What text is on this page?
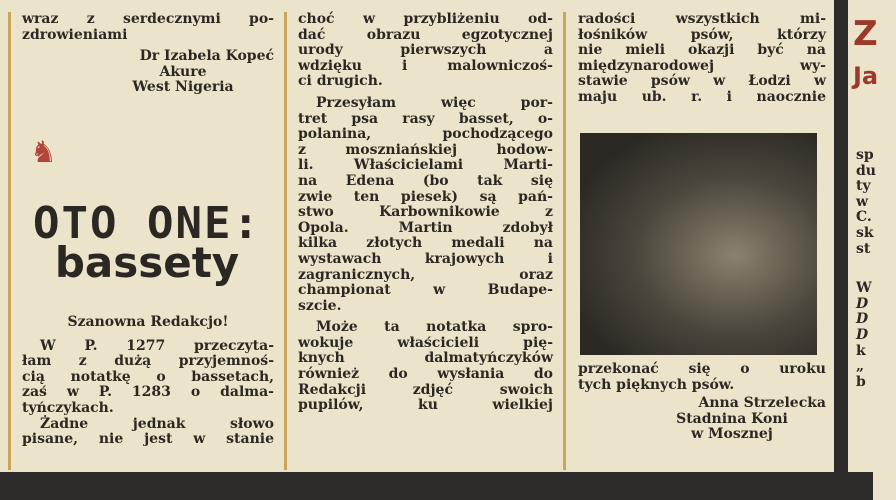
wraz z serdecznymi po-
zdrowieniami
Dr Izabela Kopeć
Akure
West Nigeria
♞
OTO ONE:
bassety
Szanowna Redakcjo!
W P. 1277 przeczyta-
łam z dużą przyjemnoś-
cią notatkę o bassetach,
zaś w P. 1283 o dalma-
tyńczykach.
Żadne jednak słowo
pisane, nie jest w stanie
choć w przybliżeniu od-
dać obrazu egzotycznej
urody pierwszych a
wdzięku i malowniczoś-
ci drugich.
Przesyłam więc por-
tret psa rasy basset, o-
polanina, pochodzącego
z moszniańskiej hodow-
li. Właścicielami Marti-
na Edena (bo tak się
zwie ten piesek) są pań-
stwo Karbownikowie z
Opola. Martin zdobył
kilka złotych medali na
wystawach krajowych i
zagranicznych, oraz
championat w Budape-
szcie.
Może ta notatka spro-
wokuje właścicieli pię-
knych dalmatyńczyków
również do wysłania do
Redakcji zdjęć swoich
pupilów, ku wielkiej
radości wszystkich mi-
łośników psów, którzy
nie mieli okazji być na
międzynarodowej wy-
stawie psów w Łodzi w
maju ub. r. i naocznie
przekonać się o uroku
tych pięknych psów.
Anna Strzelecka
Stadnina Koni
w Mosznej
Z
Ja
sp
du
ty
w
C.
sk
st
W
D
D
D
k
„
b
